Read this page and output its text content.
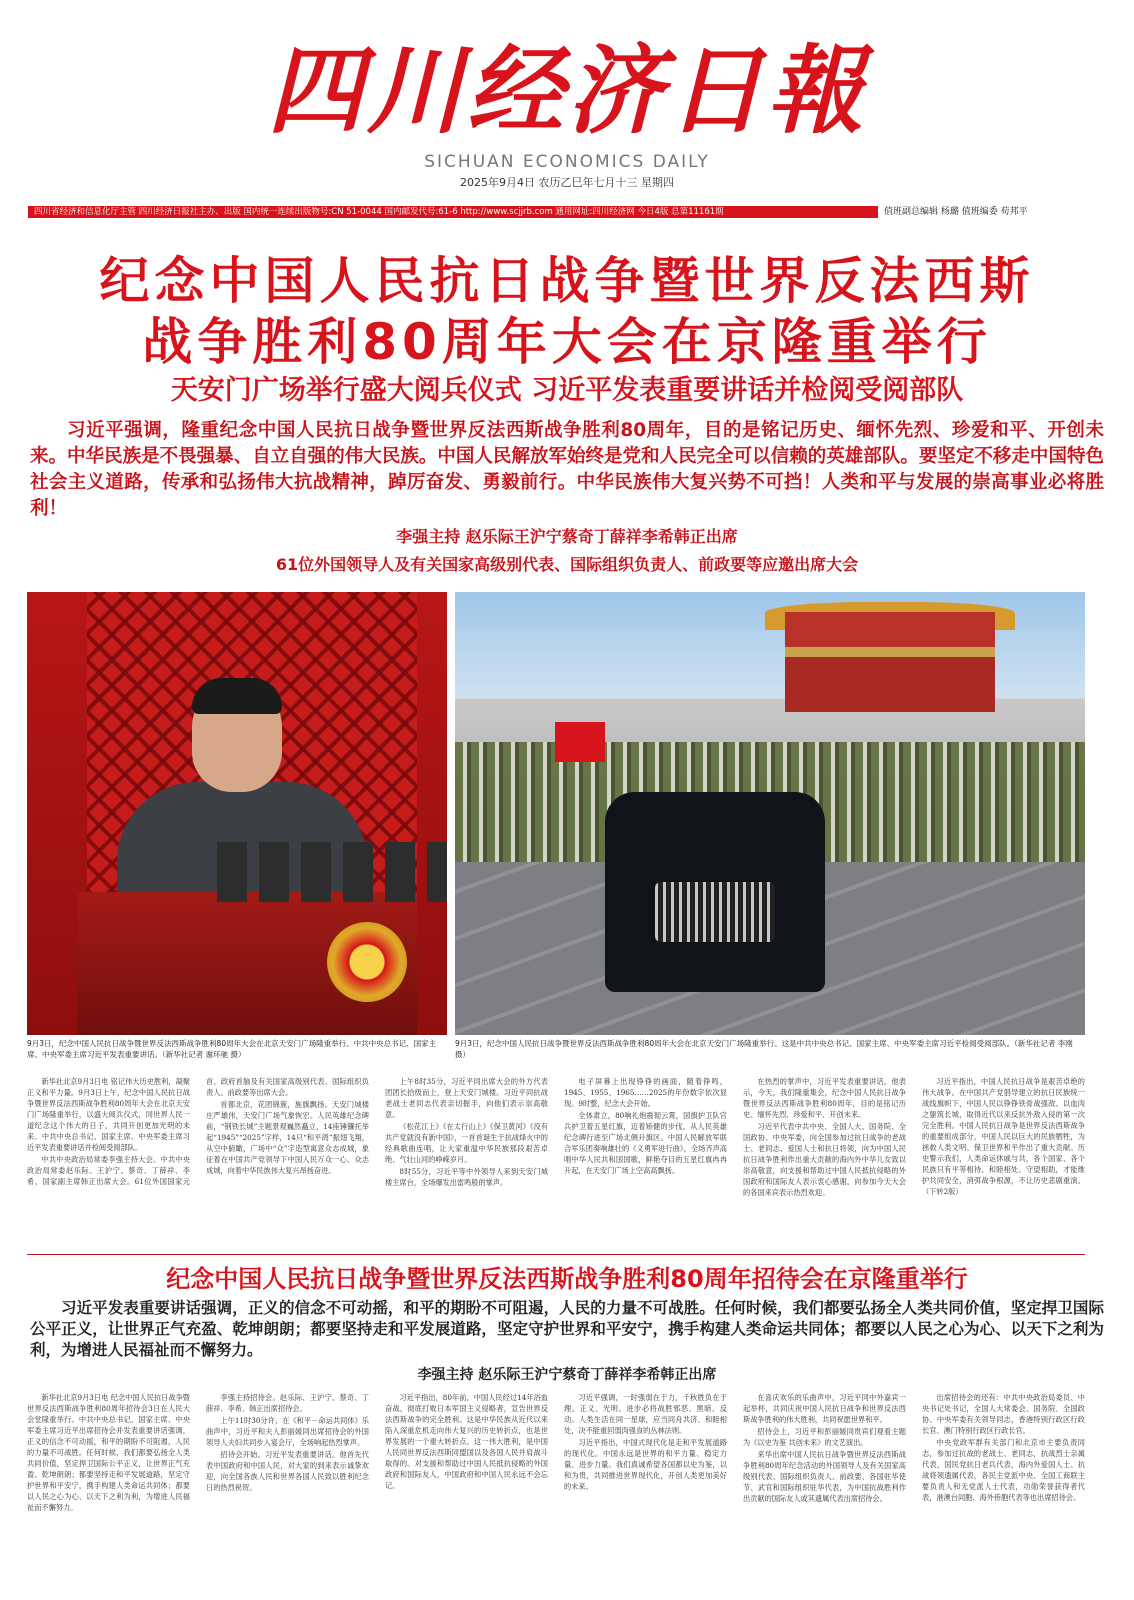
四川经济日報
SICHUAN ECONOMICS DAILY
2025年9月4日 农历乙巳年七月十三 星期四
四川省经济和信息化厅主管 四川经济日报社主办、出版 国内统一连续出版物号:CN 51-0044 国内邮发代号:61-6 http://www.scjjrb.com 通用网址:四川经济网 今日4版 总第11161期	值班副总编辑 杨璐 值班编委 苟邦平
纪念中国人民抗日战争暨世界反法西斯
战争胜利80周年大会在京隆重举行
天安门广场举行盛大阅兵仪式 习近平发表重要讲话并检阅受阅部队
习近平强调，隆重纪念中国人民抗日战争暨世界反法西斯战争胜利80周年，目的是铭记历史、缅怀先烈、珍爱和平、开创未来。中华民族是不畏强暴、自立自强的伟大民族。中国人民解放军始终是党和人民完全可以信赖的英雄部队。要坚定不移走中国特色社会主义道路，传承和弘扬伟大抗战精神，踔厉奋发、勇毅前行。中华民族伟大复兴势不可挡！人类和平与发展的崇高事业必将胜利！
李强主持 赵乐际王沪宁蔡奇丁薛祥李希韩正出席
61位外国领导人及有关国家高级别代表、国际组织负责人、前政要等应邀出席大会
9月3日，纪念中国人民抗日战争暨世界反法西斯战争胜利80周年大会在北京天安门广场隆重举行。中共中央总书记、国家主席、中央军委主席习近平发表重要讲话。（新华社记者 谢环驰 摄）
9月3日，纪念中国人民抗日战争暨世界反法西斯战争胜利80周年大会在北京天安门广场隆重举行。这是中共中央总书记、国家主席、中央军委主席习近平检阅受阅部队。（新华社记者 李刚 摄）

新华社北京9月3日电 铭记伟大历史胜利，凝聚正义和平力量。9月3日上午，纪念中国人民抗日战争暨世界反法西斯战争胜利80周年大会在北京天安门广场隆重举行，以盛大阅兵仪式，同世界人民一道纪念这个伟大的日子，共同开创更加光明的未来。中共中央总书记、国家主席、中央军委主席习近平发表重要讲话并检阅受阅部队。

中共中央政治局常委李强主持大会。中共中央政治局常委赵乐际、王沪宁、蔡奇、丁薛祥、李希，国家副主席韩正出席大会。61位外国国家元首、政府首脑及有关国家高级别代表、国际组织负责人、前政要等出席大会。

首都北京，花团锦簇，旌旗飘扬。天安门城楼庄严雄伟，天安门广场气象恢宏。人民英雄纪念碑前，“钢铁长城”主题景观巍然矗立，14座锤镰托举起“1945”“2025”字样，14只“和平鸽”振翅飞翔，从空中俯瞰，广场中“众”字造型寓意众志成城，象征着在中国共产党领导下中国人民万众一心、众志成城，向着中华民族伟大复兴昂扬奋进。

上午8时35分，习近平同出席大会的外方代表团团长拾级而上，登上天安门城楼。习近平同抗战老战士老同志代表亲切握手，向他们表示崇高敬意。

《松花江上》《在太行山上》《保卫黄河》《没有共产党就没有新中国》，一首首诞生于抗战烽火中的经典歌曲连唱，让大家重温中华民族那段艰苦卓绝、气壮山河的峥嵘岁月。

8时55分，习近平等中外领导人来到天安门城楼主席台，全场爆发出雷鸣般的掌声。

电子屏幕上出现铮铮的画面，随着铮鸣，1945、1955、1965……2025的年份数字依次显现。9时整，纪念大会开始。

全体肃立，80响礼炮震彻云霄，国旗护卫队官兵护卫着五星红旗，迈着矫健的步伐，从人民英雄纪念碑行进至广场北侧升旗区。中国人民解放军联合军乐团奏响雄壮的《义勇军进行曲》，全场齐声高唱中华人民共和国国歌，鲜艳夺目的五星红旗冉冉升起，在天安门广场上空高高飘扬。

在热烈的掌声中，习近平发表重要讲话。他表示，今天，我们隆重集会，纪念中国人民抗日战争暨世界反法西斯战争胜利80周年，目的是铭记历史、缅怀先烈、珍爱和平、开创未来。

习近平代表中共中央、全国人大、国务院、全国政协、中央军委，向全国参加过抗日战争的老战士、老同志、爱国人士和抗日将领，向为中国人民抗日战争胜利作出重大贡献的海内外中华儿女致以崇高敬意，向支援和帮助过中国人民抵抗侵略的外国政府和国际友人表示衷心感谢，向参加今天大会的各国来宾表示热烈欢迎。

习近平指出，中国人民抗日战争是艰苦卓绝的伟大战争。在中国共产党倡导建立的抗日民族统一战线旗帜下，中国人民以铮铮铁骨战强敌、以血肉之躯筑长城，取得近代以来反抗外敌入侵的第一次完全胜利。中国人民抗日战争是世界反法西斯战争的重要组成部分，中国人民以巨大的民族牺牲，为拯救人类文明、保卫世界和平作出了重大贡献。历史警示我们，人类命运休戚与共，各个国家、各个民族只有平等相待、和睦相处、守望相助，才能维护共同安全，消弭战争根源，不让历史悲剧重演。（下转2版）

纪念中国人民抗日战争暨世界反法西斯战争胜利80周年招待会在京隆重举行
习近平发表重要讲话强调，正义的信念不可动摇，和平的期盼不可阻遏，人民的力量不可战胜。任何时候，我们都要弘扬全人类共同价值，坚定捍卫国际公平正义，让世界正气充盈、乾坤朗朗；都要坚持走和平发展道路，坚定守护世界和平安宁，携手构建人类命运共同体；都要以人民之心为心、以天下之利为利，为增进人民福祉而不懈努力。
李强主持 赵乐际王沪宁蔡奇丁薛祥李希韩正出席

新华社北京9月3日电 纪念中国人民抗日战争暨世界反法西斯战争胜利80周年招待会3日在人民大会堂隆重举行。中共中央总书记、国家主席、中央军委主席习近平出席招待会并发表重要讲话强调，正义的信念不可动摇，和平的期盼不可阻遏，人民的力量不可战胜。任何时候，我们都要弘扬全人类共同价值，坚定捍卫国际公平正义，让世界正气充盈、乾坤朗朗；都要坚持走和平发展道路，坚定守护世界和平安宁，携手构建人类命运共同体；都要以人民之心为心、以天下之利为利，为增进人民福祉而不懈努力。

李强主持招待会。赵乐际、王沪宁、蔡奇、丁薛祥、李希、韩正出席招待会。

上午11时30分许，在《和平－命运共同体》乐曲声中，习近平和夫人彭丽媛同出席招待会的外国领导人夫妇共同步入宴会厅，全场响起热烈掌声。

招待会开始。习近平发表重要讲话。他首先代表中国政府和中国人民，对大家的到来表示诚挚欢迎，向全国各族人民和世界各国人民致以胜利纪念日的热烈祝贺。

习近平指出，80年前，中国人民经过14年浴血奋战，彻底打败日本军国主义侵略者，宣告世界反法西斯战争的完全胜利。这是中华民族从近代以来陷入深重危机走向伟大复兴的历史转折点，也是世界发展的一个重大转折点。这一伟大胜利，是中国人民同世界反法西斯同盟国以及各国人民并肩战斗取得的。对支援和帮助过中国人民抵抗侵略的外国政府和国际友人，中国政府和中国人民永远不会忘记。

习近平强调，一时强弱在于力，千秋胜负在于理。正义、光明、进步必将战胜邪恶、黑暗、反动。人类生活在同一星球，应当同舟共济、和睦相处，决不能重回弱肉强食的丛林法则。

习近平指出，中国式现代化是走和平发展道路的现代化。中国永远是世界的和平力量、稳定力量、进步力量。我们真诚希望各国都以史为鉴，以和为贵，共同推进世界现代化，开创人类更加美好的未来。

在喜庆欢乐的乐曲声中，习近平同中外嘉宾一起举杯，共同庆祝中国人民抗日战争和世界反法西斯战争胜利的伟大胜利，共同祝愿世界和平。

招待会上，习近平和彭丽媛同贵宾们观看主题为《以史为鉴 共创未来》的文艺演出。

来华出席中国人民抗日战争暨世界反法西斯战争胜利80周年纪念活动的外国领导人及有关国家高级别代表、国际组织负责人、前政要、各国驻华使节、武官和国际组织驻华代表，为中国抗战胜利作出贡献的国际友人或其遗属代表出席招待会。

出席招待会的还有：中共中央政治局委员、中央书记处书记，全国人大常委会、国务院、全国政协、中央军委有关领导同志，香港特别行政区行政长官、澳门特别行政区行政长官。

中央党政军群有关部门和北京市主要负责同志，参加过抗战的老战士、老同志，抗战烈士亲属代表，国民党抗日老兵代表，海内外爱国人士、抗战将领遗属代表，各民主党派中央、全国工商联主要负责人和无党派人士代表，功勋荣誉获得者代表，港澳台同胞、海外侨胞代表等也出席招待会。
